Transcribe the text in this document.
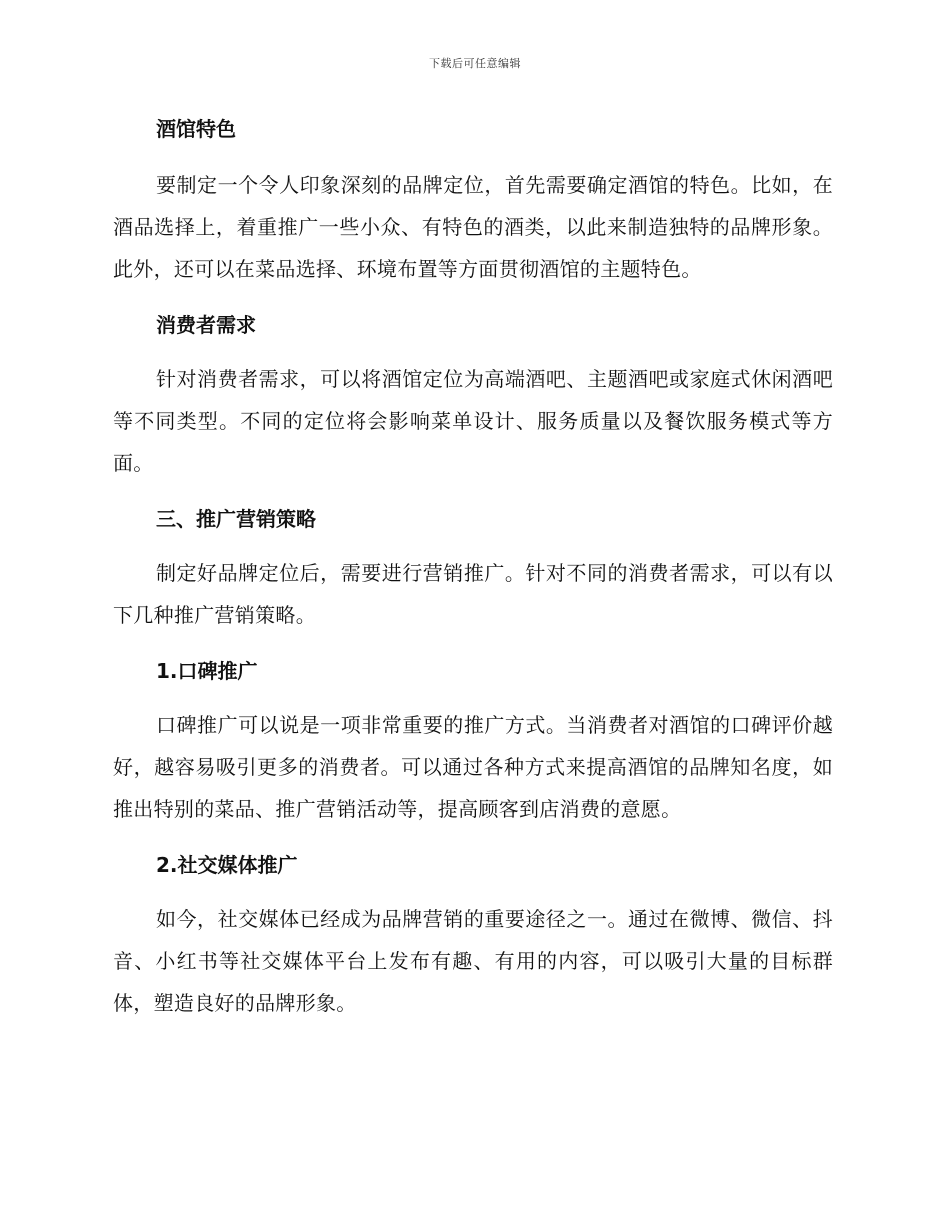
下载后可任意编辑
酒馆特色

要制定一个令人印象深刻的品牌定位，首先需要确定酒馆的特色。比如，在酒品选择上，着重推广一些小众、有特色的酒类，以此来制造独特的品牌形象。此外，还可以在菜品选择、环境布置等方面贯彻酒馆的主题特色。

消费者需求

针对消费者需求，可以将酒馆定位为高端酒吧、主题酒吧或家庭式休闲酒吧等不同类型。不同的定位将会影响菜单设计、服务质量以及餐饮服务模式等方面。

三、推广营销策略

制定好品牌定位后，需要进行营销推广。针对不同的消费者需求，可以有以下几种推广营销策略。

1.口碑推广

口碑推广可以说是一项非常重要的推广方式。当消费者对酒馆的口碑评价越好，越容易吸引更多的消费者。可以通过各种方式来提高酒馆的品牌知名度，如推出特别的菜品、推广营销活动等，提高顾客到店消费的意愿。

2.社交媒体推广

如今，社交媒体已经成为品牌营销的重要途径之一。通过在微博、微信、抖音、小红书等社交媒体平台上发布有趣、有用的内容，可以吸引大量的目标群体，塑造良好的品牌形象。
